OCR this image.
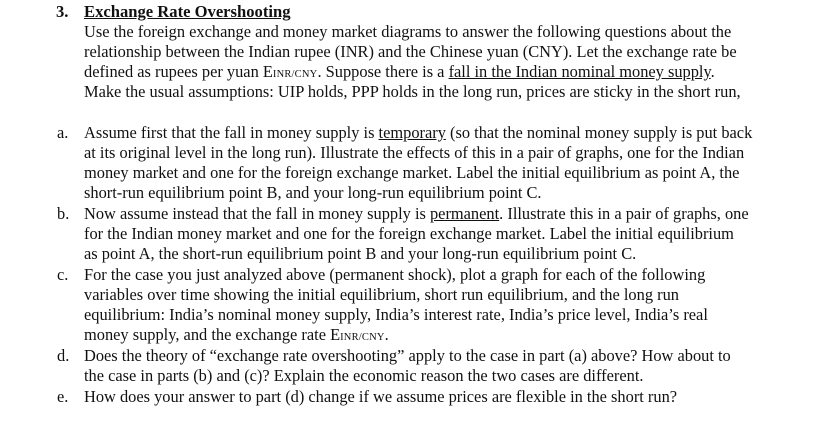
3. Exchange Rate Overshooting
Use the foreign exchange and money market diagrams to answer the following questions about the
relationship between the Indian rupee (INR) and the Chinese yuan (CNY). Let the exchange rate be
defined as rupees per yuan EINR/CNY. Suppose there is a fall in the Indian nominal money supply.
Make the usual assumptions: UIP holds, PPP holds in the long run, prices are sticky in the short run,
a. Assume first that the fall in money supply is temporary (so that the nominal money supply is put back
at its original level in the long run). Illustrate the effects of this in a pair of graphs, one for the Indian
money market and one for the foreign exchange market. Label the initial equilibrium as point A, the
short-run equilibrium point B, and your long-run equilibrium point C.
b. Now assume instead that the fall in money supply is permanent. Illustrate this in a pair of graphs, one
for the Indian money market and one for the foreign exchange market. Label the initial equilibrium
as point A, the short-run equilibrium point B and your long-run equilibrium point C.
c. For the case you just analyzed above (permanent shock), plot a graph for each of the following
variables over time showing the initial equilibrium, short run equilibrium, and the long run
equilibrium: India’s nominal money supply, India’s interest rate, India’s price level, India’s real
money supply, and the exchange rate EINR/CNY.
d. Does the theory of “exchange rate overshooting” apply to the case in part (a) above? How about to
the case in parts (b) and (c)? Explain the economic reason the two cases are different.
e. How does your answer to part (d) change if we assume prices are flexible in the short run?
